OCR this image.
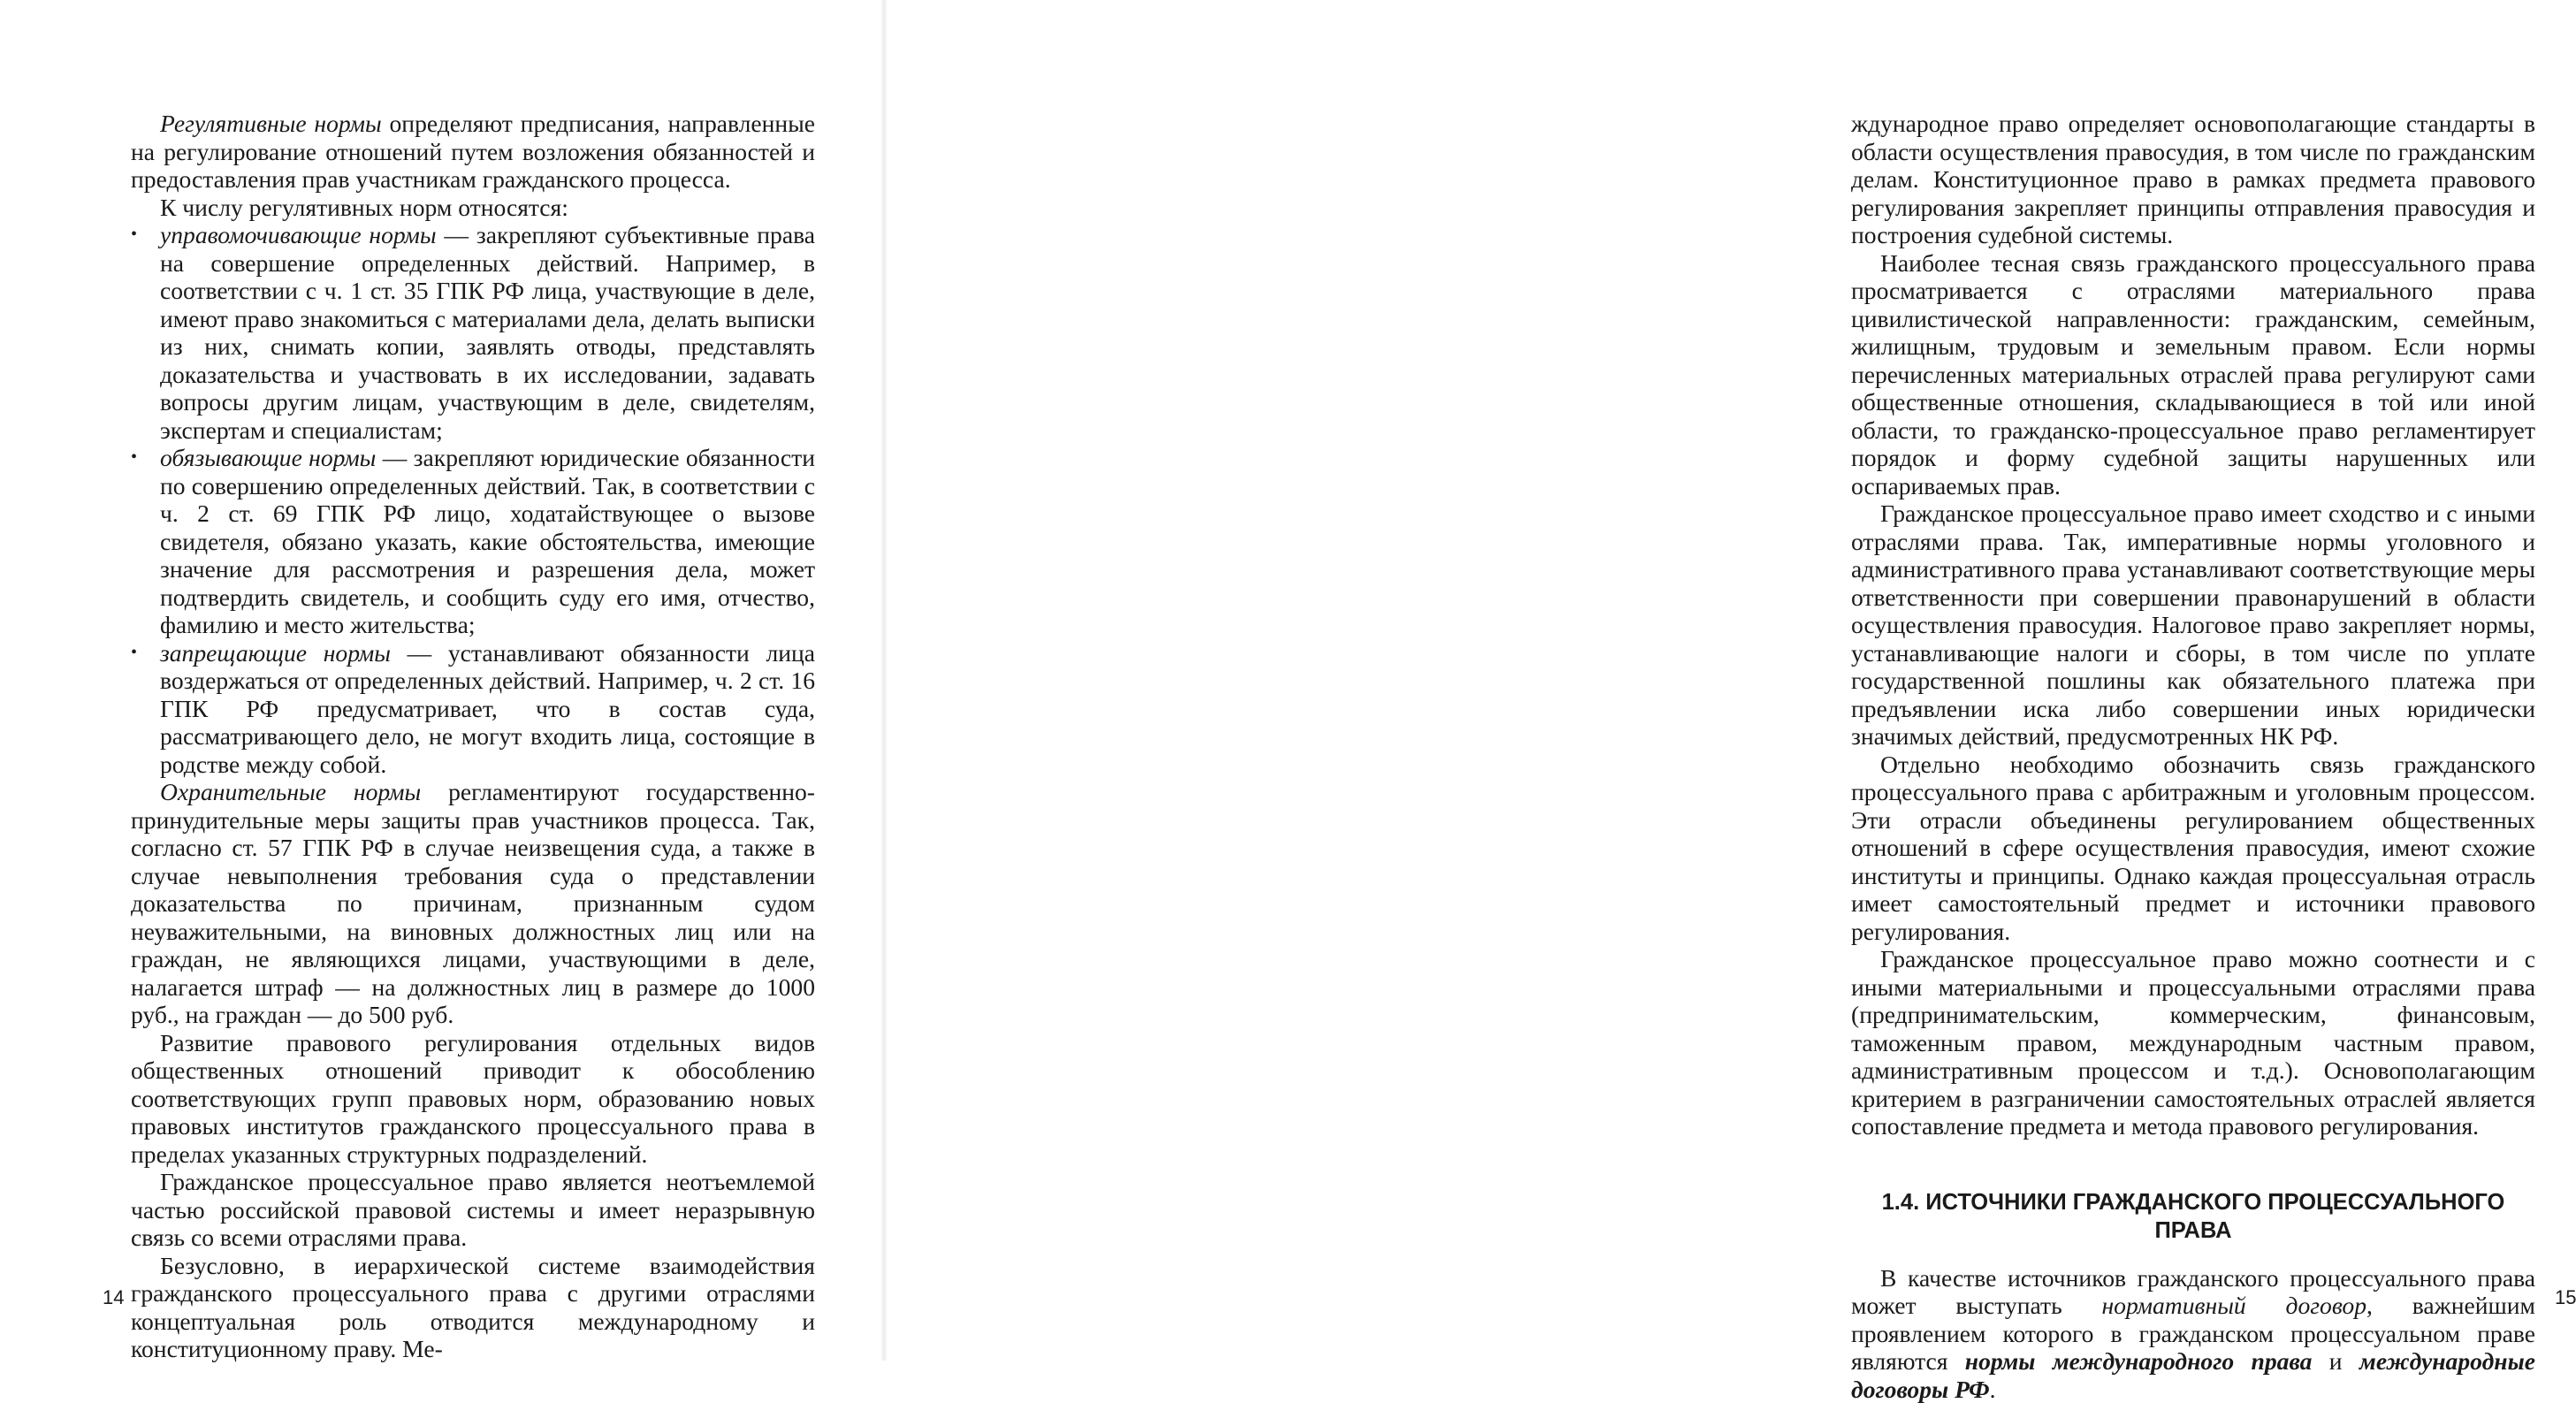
Регулятивные нормы определяют предписания, направленные на регулирование отношений путем возложения обязанностей и предоставления прав участникам гражданского процесса.

К числу регулятивных норм относятся:

• управомочивающие нормы — закрепляют субъективные права на совершение определенных действий. Например, в соответствии с ч. 1 ст. 35 ГПК РФ лица, участвующие в деле, имеют право знакомиться с материалами дела, делать выписки из них, снимать копии, заявлять отводы, представлять доказательства и участвовать в их исследовании, задавать вопросы другим лицам, участвующим в деле, свидетелям, экспертам и специалистам;
• обязывающие нормы — закрепляют юридические обязанности по совершению определенных действий. Так, в соответствии с ч. 2 ст. 69 ГПК РФ лицо, ходатайствующее о вызове свидетеля, обязано указать, какие обстоятельства, имеющие значение для рассмотрения и разрешения дела, может подтвердить свидетель, и сообщить суду его имя, отчество, фамилию и место жительства;
• запрещающие нормы — устанавливают обязанности лица воздержаться от определенных действий. Например, ч. 2 ст. 16 ГПК РФ предусматривает, что в состав суда, рассматривающего дело, не могут входить лица, состоящие в родстве между собой.

Охранительные нормы регламентируют государственно-принудительные меры защиты прав участников процесса. Так, согласно ст. 57 ГПК РФ в случае неизвещения суда, а также в случае невыполнения требования суда о представлении доказательства по причинам, признанным судом неуважительными, на виновных должностных лиц или на граждан, не являющихся лицами, участвующими в деле, налагается штраф — на должностных лиц в размере до 1000 руб., на граждан — до 500 руб.

Развитие правового регулирования отдельных видов общественных отношений приводит к обособлению соответствующих групп правовых норм, образованию новых правовых институтов гражданского процессуального права в пределах указанных структурных подразделений.

Гражданское процессуальное право является неотъемлемой частью российской правовой системы и имеет неразрывную связь со всеми отраслями права.

Безусловно, в иерархической системе взаимодействия гражданского процессуального права с другими отраслями концептуальная роль отводится международному и конституционному праву. Ме-

14

ждународное право определяет основополагающие стандарты в области осуществления правосудия, в том числе по гражданским делам. Конституционное право в рамках предмета правового регулирования закрепляет принципы отправления правосудия и построения судебной системы.

Наиболее тесная связь гражданского процессуального права просматривается с отраслями материального права цивилистической направленности: гражданским, семейным, жилищным, трудовым и земельным правом. Если нормы перечисленных материальных отраслей права регулируют сами общественные отношения, складывающиеся в той или иной области, то гражданско-процессуальное право регламентирует порядок и форму судебной защиты нарушенных или оспариваемых прав.

Гражданское процессуальное право имеет сходство и с иными отраслями права. Так, императивные нормы уголовного и административного права устанавливают соответствующие меры ответственности при совершении правонарушений в области осуществления правосудия. Налоговое право закрепляет нормы, устанавливающие налоги и сборы, в том числе по уплате государственной пошлины как обязательного платежа при предъявлении иска либо совершении иных юридически значимых действий, предусмотренных НК РФ.

Отдельно необходимо обозначить связь гражданского процессуального права с арбитражным и уголовным процессом. Эти отрасли объединены регулированием общественных отношений в сфере осуществления правосудия, имеют схожие институты и принципы. Однако каждая процессуальная отрасль имеет самостоятельный предмет и источники правового регулирования.

Гражданское процессуальное право можно соотнести и с иными материальными и процессуальными отраслями права (предпринимательским, коммерческим, финансовым, таможенным правом, международным частным правом, административным процессом и т.д.). Основополагающим критерием в разграничении самостоятельных отраслей является сопоставление предмета и метода правового регулирования.

1.4. ИСТОЧНИКИ ГРАЖДАНСКОГО ПРОЦЕССУАЛЬНОГО ПРАВА

В качестве источников гражданского процессуального права может выступать нормативный договор, важнейшим проявлением которого в гражданском процессуальном праве являются нормы международного права и международные договоры РФ.

15
